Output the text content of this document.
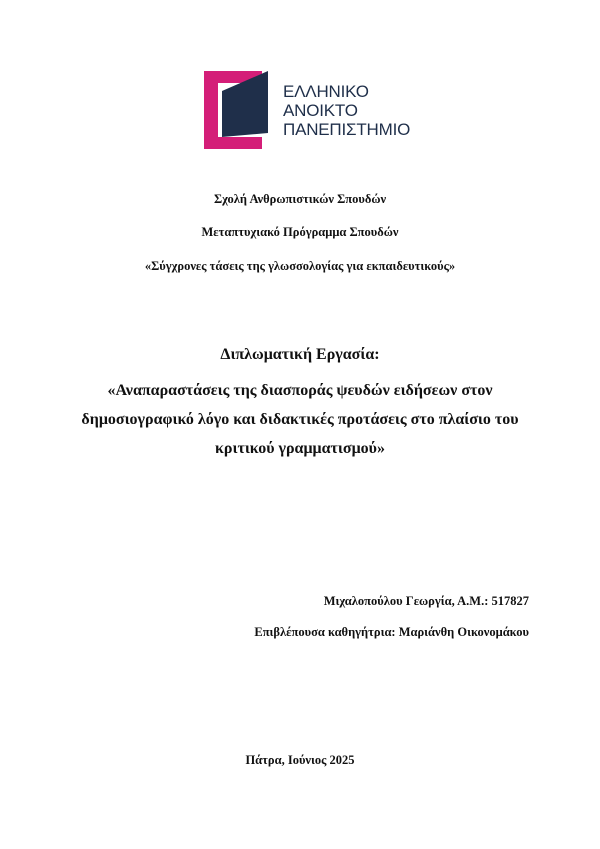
ΕΛΛΗΝΙΚΟ
ΑΝΟΙΚΤΟ
ΠΑΝΕΠΙΣΤΗΜΙΟ
Σχολή Ανθρωπιστικών Σπουδών
Μεταπτυχιακό Πρόγραμμα Σπουδών
«Σύγχρονες τάσεις της γλωσσολογίας για εκπαιδευτικούς»
Διπλωματική Εργασία:
«Αναπαραστάσεις της διασποράς ψευδών ειδήσεων στον
δημοσιογραφικό λόγο και διδακτικές προτάσεις στο πλαίσιο του
κριτικού γραμματισμού»
Μιχαλοπούλου Γεωργία, Α.Μ.: 517827
Επιβλέπουσα καθηγήτρια: Μαριάνθη Οικονομάκου
Πάτρα, Ιούνιος 2025
